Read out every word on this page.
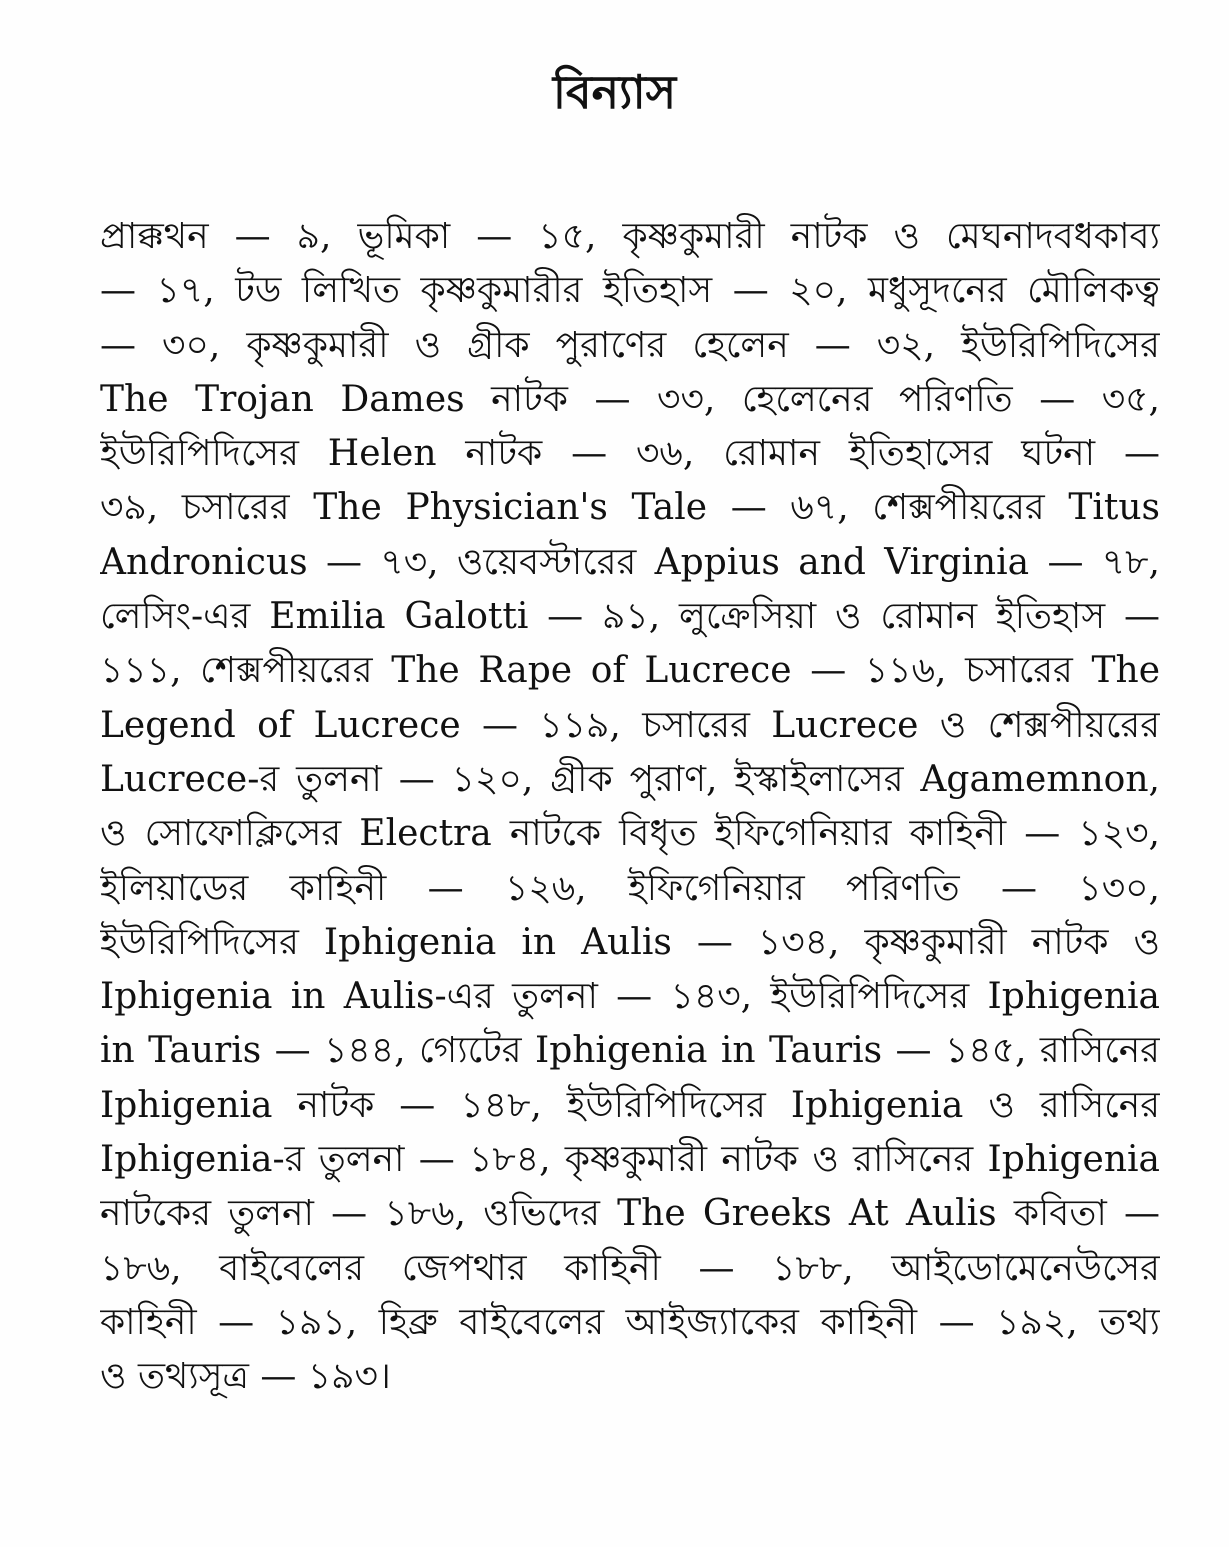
বিন্যাস
প্রাক্কথন — ৯, ভূমিকা — ১৫, কৃষ্ণকুমারী নাটক ও মেঘনাদবধকাব্য
— ১৭, টড লিখিত কৃষ্ণকুমারীর ইতিহাস — ২০, মধুসূদনের মৌলিকত্ব
— ৩০, কৃষ্ণকুমারী ও গ্রীক পুরাণের হেলেন — ৩২, ইউরিপিদিসের
The Trojan Dames নাটক — ৩৩, হেলেনের পরিণতি — ৩৫,
ইউরিপিদিসের Helen নাটক — ৩৬, রোমান ইতিহাসের ঘটনা —
৩৯, চসারের The Physician's Tale — ৬৭, শেক্সপীয়রের Titus
Andronicus — ৭৩, ওয়েবস্টারের Appius and Virginia — ৭৮,
লেসিং-এর Emilia Galotti — ৯১, লুক্রেসিয়া ও রোমান ইতিহাস —
১১১, শেক্সপীয়রের The Rape of Lucrece — ১১৬, চসারের The
Legend of Lucrece — ১১৯, চসারের Lucrece ও শেক্সপীয়রের
Lucrece-র তুলনা — ১২০, গ্রীক পুরাণ, ইস্কাইলাসের Agamemnon,
ও সোফোক্লিসের Electra নাটকে বিধৃত ইফিগেনিয়ার কাহিনী — ১২৩,
ইলিয়াডের কাহিনী — ১২৬, ইফিগেনিয়ার পরিণতি — ১৩০,
ইউরিপিদিসের Iphigenia in Aulis — ১৩৪, কৃষ্ণকুমারী নাটক ও
Iphigenia in Aulis-এর তুলনা — ১৪৩, ইউরিপিদিসের Iphigenia
in Tauris — ১৪৪, গ্যেটের Iphigenia in Tauris — ১৪৫, রাসিনের
Iphigenia নাটক — ১৪৮, ইউরিপিদিসের Iphigenia ও রাসিনের
Iphigenia-র তুলনা — ১৮৪, কৃষ্ণকুমারী নাটক ও রাসিনের Iphigenia
নাটকের তুলনা — ১৮৬, ওভিদের The Greeks At Aulis কবিতা —
১৮৬, বাইবেলের জেপথার কাহিনী — ১৮৮, আইডোমেনেউসের
কাহিনী — ১৯১, হিব্রু বাইবেলের আইজ্যাকের কাহিনী — ১৯২, তথ্য
ও তথ্যসূত্র — ১৯৩।
